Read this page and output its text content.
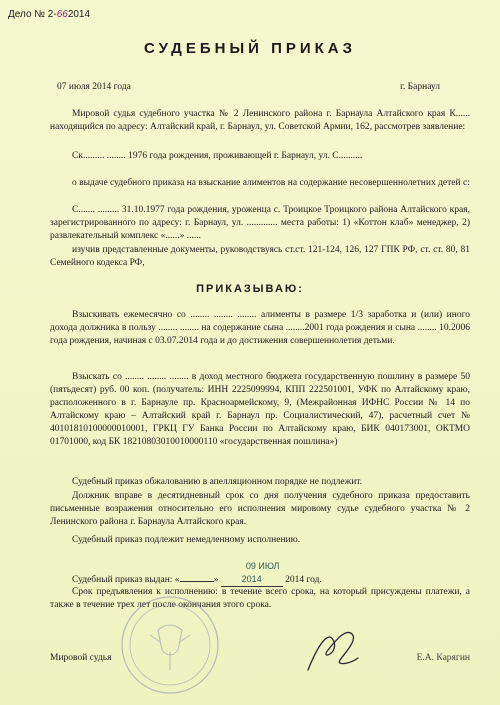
Дело № 2-662014
СУДЕБНЫЙ ПРИКАЗ
07 июля 2014 года	г. Барнаул
Мировой судья судебного участка № 2 Ленинского района г. Барнаула Алтайского края К...... находящийся по адресу: Алтайский край, г. Барнаул, ул. Советской Армии, 162, рассмотрев заявление:
Ск......... ........ 1976 года рождения, проживающей г. Барнаул, ул. С..........
о выдаче судебного приказа на взыскание алиментов на содержание несовершеннолетних детей с:
С....... ......... 31.10.1977 года рождения, уроженца с. Троицкое Троицкого района Алтайского края, зарегистрированного по адресу: г. Барнаул, ул. ............. места работы: 1) «Коттон клаб» менеджер, 2) развлекательный комплекс «......» ......
изучив представленные документы, руководствуясь ст.ст. 121-124, 126, 127 ГПК РФ, ст. ст. 80, 81 Семейного кодекса РФ,
ПРИКАЗЫВАЮ:
Взыскивать ежемесячно со ........ ........ ........ алименты в размере 1/3 заработка и (или) иного дохода должника в пользу ........ ........ на содержание сына ........2001 года рождения и сына ........ 10.2006 года рождения, начиная с 03.07.2014 года и до достижения совершеннолетия детьми.
Взыскать со ........ ........ ........ в доход местного бюджета государственную пошлину в размере 50 (пятьдесят) руб. 00 коп. (получатель: ИНН 2225099994, КПП 222501001, УФК по Алтайскому краю, расположенного в г. Барнауле пр. Красноармейскому, 9, (Межрайонная ИФНС России № 14 по Алтайскому краю – Алтайский край г. Барнаул пр. Социалистический, 47), расчетный счет № 40101810100000010001, ГРКЦ ГУ Банка России по Алтайскому краю, БИК 040173001, ОКТМО 01701000, код БК 18210803010010000110 «государственная пошлина»)
Судебный приказ обжалованию в апелляционном порядке не подлежит.
Должник вправе в десятидневный срок со дня получения судебного приказа предоставить письменные возражения относительно его исполнения мировому судье судебного участка № 2 Ленинского района г. Барнаула Алтайского края.
Судебный приказ подлежит немедленному исполнению.
Судебный приказ выдан: «	» 09 ИЮЛ 2014 2014 год.
Срок предъявления к исполнению: в течение всего срока, на который присуждены платежи, а также в течение трех лет после окончания этого срока.
Мировой судья	Е.А. Карягин
